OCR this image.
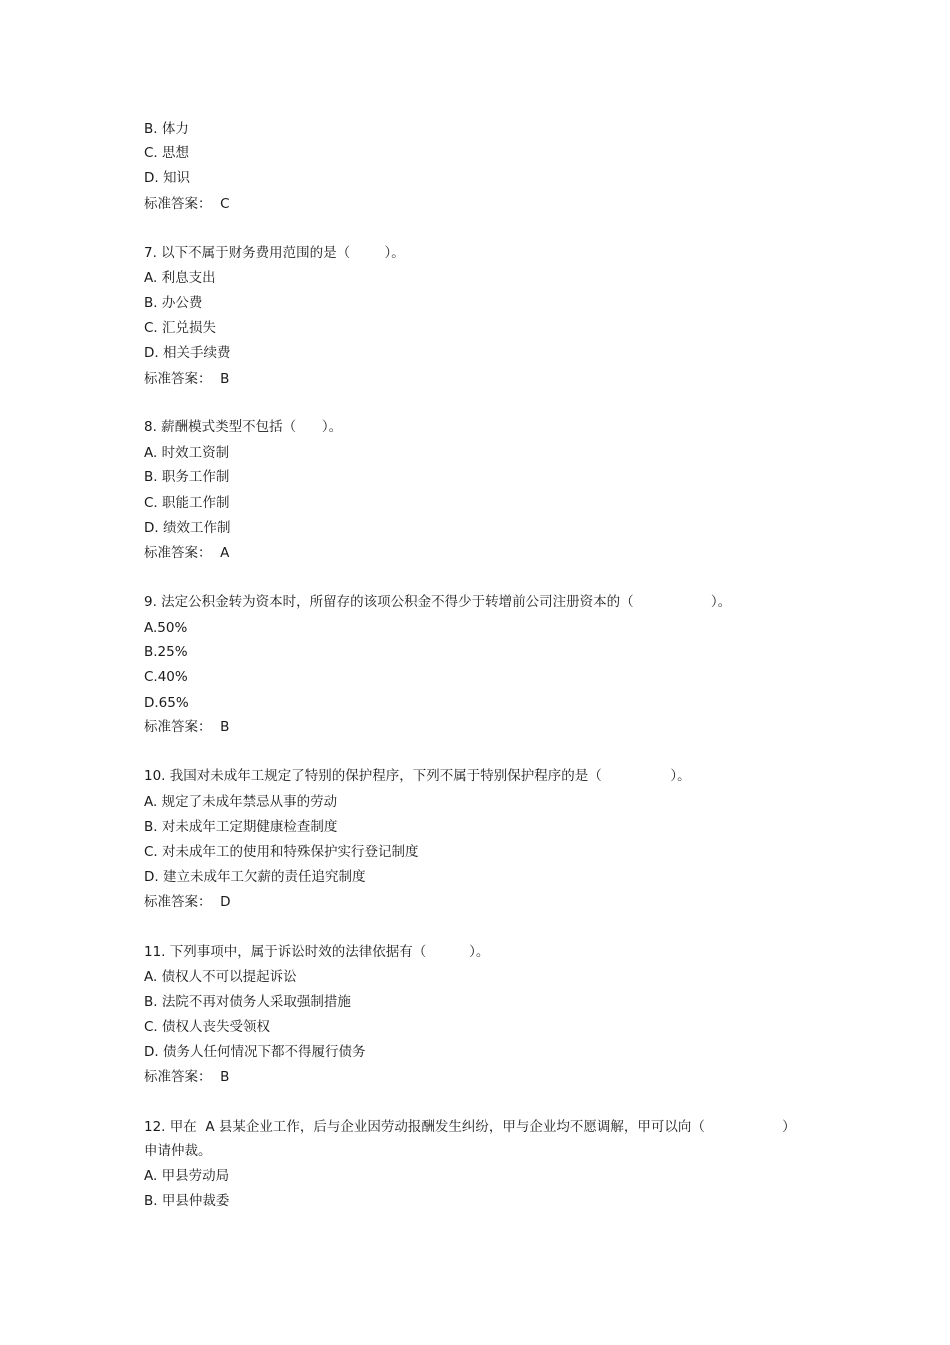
B. 体力
C. 思想
D. 知识
标准答案：  C
7. 以下不属于财务费用范围的是（        ）。
A. 利息支出
B. 办公费
C. 汇兑损失
D. 相关手续费
标准答案：  B
8. 薪酬模式类型不包括（      ）。
A. 时效工资制
B. 职务工作制
C. 职能工作制
D. 绩效工作制
标准答案：  A
9. 法定公积金转为资本时，所留存的该项公积金不得少于转增前公司注册资本的（                  ）。
A.50%
B.25%
C.40%
D.65%
标准答案：  B
10. 我国对未成年工规定了特别的保护程序，下列不属于特别保护程序的是（                ）。
A. 规定了未成年禁忌从事的劳动
B. 对未成年工定期健康检查制度
C. 对未成年工的使用和特殊保护实行登记制度
D. 建立未成年工欠薪的责任追究制度
标准答案：  D
11. 下列事项中，属于诉讼时效的法律依据有（          ）。
A. 债权人不可以提起诉讼
B. 法院不再对债务人采取强制措施
C. 债权人丧失受领权
D. 债务人任何情况下都不得履行债务
标准答案：  B
12. 甲在  A 县某企业工作，后与企业因劳动报酬发生纠纷，甲与企业均不愿调解，甲可以向（                  ）
申请仲裁。
A. 甲县劳动局
B. 甲县仲裁委
